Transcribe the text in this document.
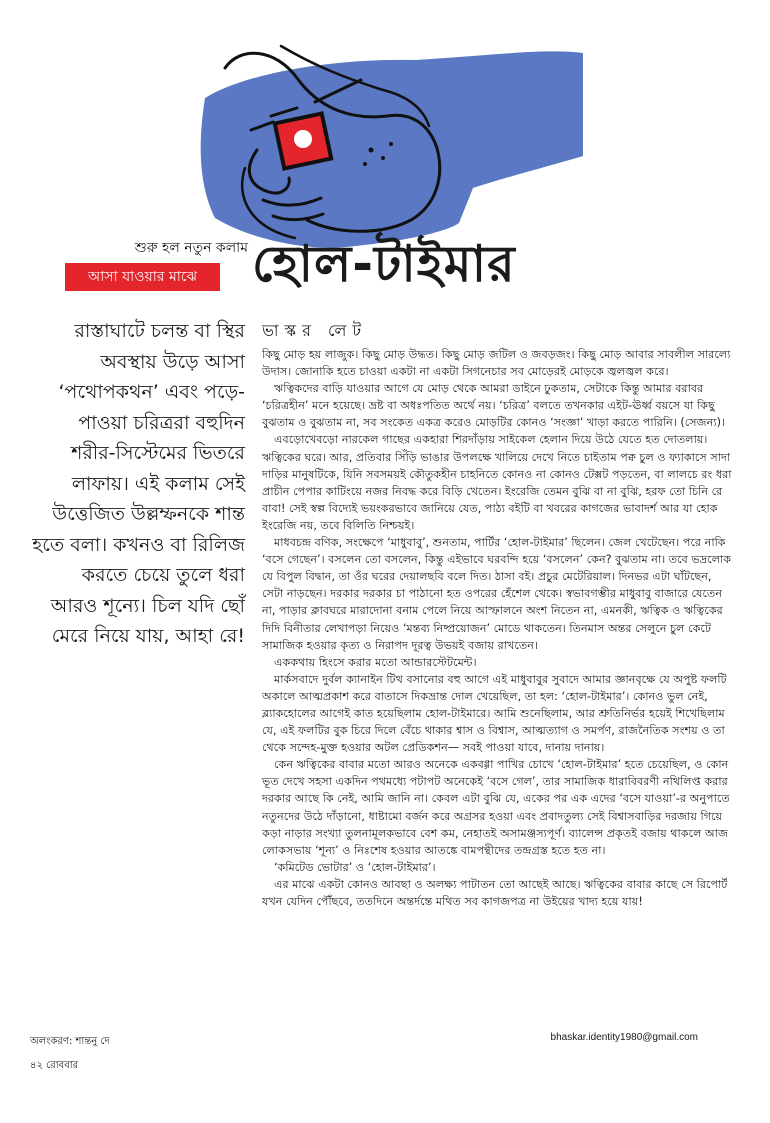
শুরু হল নতুন কলাম
আসা যাওয়ার মাঝে	হোল-টাইমার
রাস্তাঘাটে চলন্ত বা স্থির অবস্থায় উড়ে আসা ‘পথোপকথন’ এবং পড়ে-পাওয়া চরিত্ররা বহুদিন শরীর-সিস্টেমের ভিতরে লাফায়। এই কলাম সেই উত্তেজিত উল্লম্ফনকে শান্ত হতে বলা। কখনও বা রিলিজ করতে চেয়ে তুলে ধরা আরও শূন্যে। চিল যদি ছোঁ মেরে নিয়ে যায়, আহা রে!
ভাস্কর লেট

কিছু মোড় হয় লাজুক। কিছু মোড় উদ্ধত। কিছু মোড় জটিল ও জবড়জং। কিছু মোড় আবার সাবলীল সারল্যে উদাস। জোনাকি হতে চাওয়া একটা না একটা সিগনেচার সব মোড়েরই মোড়কে জ্বলজ্বল করে।

ঋত্বিকদের বাড়ি যাওয়ার আগে যে মোড় থেকে আমরা ডাইনে ঢুকতাম, সেটাকে কিন্তু আমার বরাবর ‘চরিত্রহীন’ মনে হয়েছে। ভ্রষ্ট বা অধঃপতিত অর্থে নয়। ‘চরিত্র’ বলতে তখনকার এইট-ঊর্ধ্ব বয়সে যা কিছু বুঝতাম ও বুঝতাম না, সব সংকেত একত্র করেও মোড়টির কোনও ‘সংজ্ঞা’ খাড়া করতে পারিনি। (সেজন্য)।

এবড়োখেবড়ো নারকেল গাছের একহারা শিরদাঁড়ায় সাইকেল হেলান দিয়ে উঠে যেতে হত দোতলায়। ঋত্বিকের ঘরে। আর, প্রতিবার সিঁড়ি ভাঙার উপলক্ষে খালিয়ে দেখে নিতে চাইতাম পক্ব চুল ও ফ্যাকাসে সাদা দাড়ির মানুষটিকে, যিনি সবসময়ই কৌতুকহীন চাহনিতে কোনও না কোনও টেক্সট পড়তেন, বা লালচে রং ধরা প্রাচীন পেপার কাটিংয়ে নজর নিবদ্ধ করে বিড়ি খেতেন। ইংরেজি তেমন বুঝি বা না বুঝি, হরফ তো চিনি রে বাবা! সেই স্বল্প বিদ্যেই ভয়ংকরভাবে জানিয়ে যেত, পাঠ্য বইটি বা খবরের কাগজের ভাবাদর্শ আর যা হোক ইংরেজি নয়, তবে বিলিতি নিশ্চয়ই।

মাধবচন্দ্র বণিক, সংক্ষেপে ‘মাধুবাবু’, শুনতাম, পার্টির ‘হোল-টাইমার’ ছিলেন। জেল খেটেছেন। পরে নাকি ‘বসে গেছেন’। বসলেন তো বসলেন, কিন্তু এইভাবে ঘরবন্দি হয়ে ‘বসলেন’ কেন? বুঝতাম না। তবে ভদ্রলোক যে বিপুল বিদ্বান, তা ওঁর ঘরের দেয়ালছবি বলে দিত। ঠাসা বই। প্রচুর মেটেরিয়াল। দিনভর এটা ঘাঁটছেন, সেটা নাড়ছেন। দরকার দরকার চা পাঠানো হত ওপরের হেঁশেল থেকে। স্বভাবগম্ভীর মাধুবাবু বাজারে যেতেন না, পাড়ার ক্লাবঘরে মারাদোনা বনাম পেলে নিয়ে আস্ফালনে অংশ নিতেন না, এমনকী, ঋত্বিক ও ঋত্বিকের দিদি বিনীতার লেখাপড়া নিয়েও ‘মন্তব্য নিষ্প্রয়োজন’ মোডে থাকতেন। তিনমাস অন্তর সেলুনে চুল কেটে সামাজিক হওয়ার কৃত্য ও নিরাপদ দূরত্ব উভয়ই বজায় রাখতেন।

এককথায় হিংসে করার মতো আন্ডারস্টেটমেন্ট।

মার্কসবাদে দুর্বল ক্যানাইন টিথ বসানোর বহু আগে এই মাধুবাবুর সুবাদে আমার জ্ঞানবৃক্ষে যে অপুষ্ট ফলটি অকালে আত্মপ্রকাশ করে বাতাসে দিকভ্রান্ত দোল খেয়েছিল, তা হল: ‘হোল-টাইমার’। কোনও ভুল নেই, ব্ল্যাকহোলের আগেই কাত হয়েছিলাম হোল-টাইমারে। আমি শুনেছিলাম, আর শ্রুতিনির্ভর হয়েই শিখেছিলাম যে, এই ফলটির বুক চিরে দিলে বেঁচে থাকার শ্বাস ও বিশ্বাস, আত্মত্যাগ ও সমর্পণ, রাজনৈতিক সংশয় ও তা থেকে সন্দেহ-মুক্ত হওয়ার অটল প্রেডিকশন— সবই পাওয়া যাবে, দানায় দানায়।

কেন ঋত্বিকের বাবার মতো আরও অনেকে একবগ্গা পাখির চোখে ‘হোল-টাইমার’ হতে চেয়েছিল, ও কোন ভূত দেখে সহসা একদিন পথমধ্যে পটাপট অনেকেই ‘বসে গেল’, তার সামাজিক ধারাবিবরণী নথিলিপ্ত করার দরকার আছে কি নেই, আমি জানি না। কেবল এটা বুঝি যে, একের পর এক এদের ‘বসে যাওয়া’-র অনুপাতে নতুনদের উঠে দাঁড়ানো, ধাষ্টামো বর্জন করে অগ্রসর হওয়া এবং প্রবাদতুল্য সেই বিশ্বাসবাড়ির দরজায় গিয়ে কড়া নাড়ার সংখ্যা তুলনামূলকভাবে বেশ কম, নেহাতই অসামঞ্জস্যপূর্ণ। ব্যালেন্স প্রকৃতই বজায় থাকলে আজ লোকসভায় ‘শূন্য’ ও নিঃশেষ হওয়ার আতঙ্কে বামপন্থীদের তন্দ্রগ্রস্ত হতে হত না।

‘কমিটেড ভোটার’ ও ‘হোল-টাইমার’।

এর মাঝে একটা কোনও আবছা ও অলক্ষ্য পাটাতন তো আছেই আছে। ঋত্বিকের বাবার কাছে সে রিপোর্ট যখন যেদিন পৌঁছবে, ততদিনে অন্তর্দন্তে মথিত সব কাগজপত্র না উইয়ের খাদ্য হয়ে যায়!

অলংকরণ: শান্তনু দে	bhaskar.identity1980@gmail.com
৪২ রোববার
